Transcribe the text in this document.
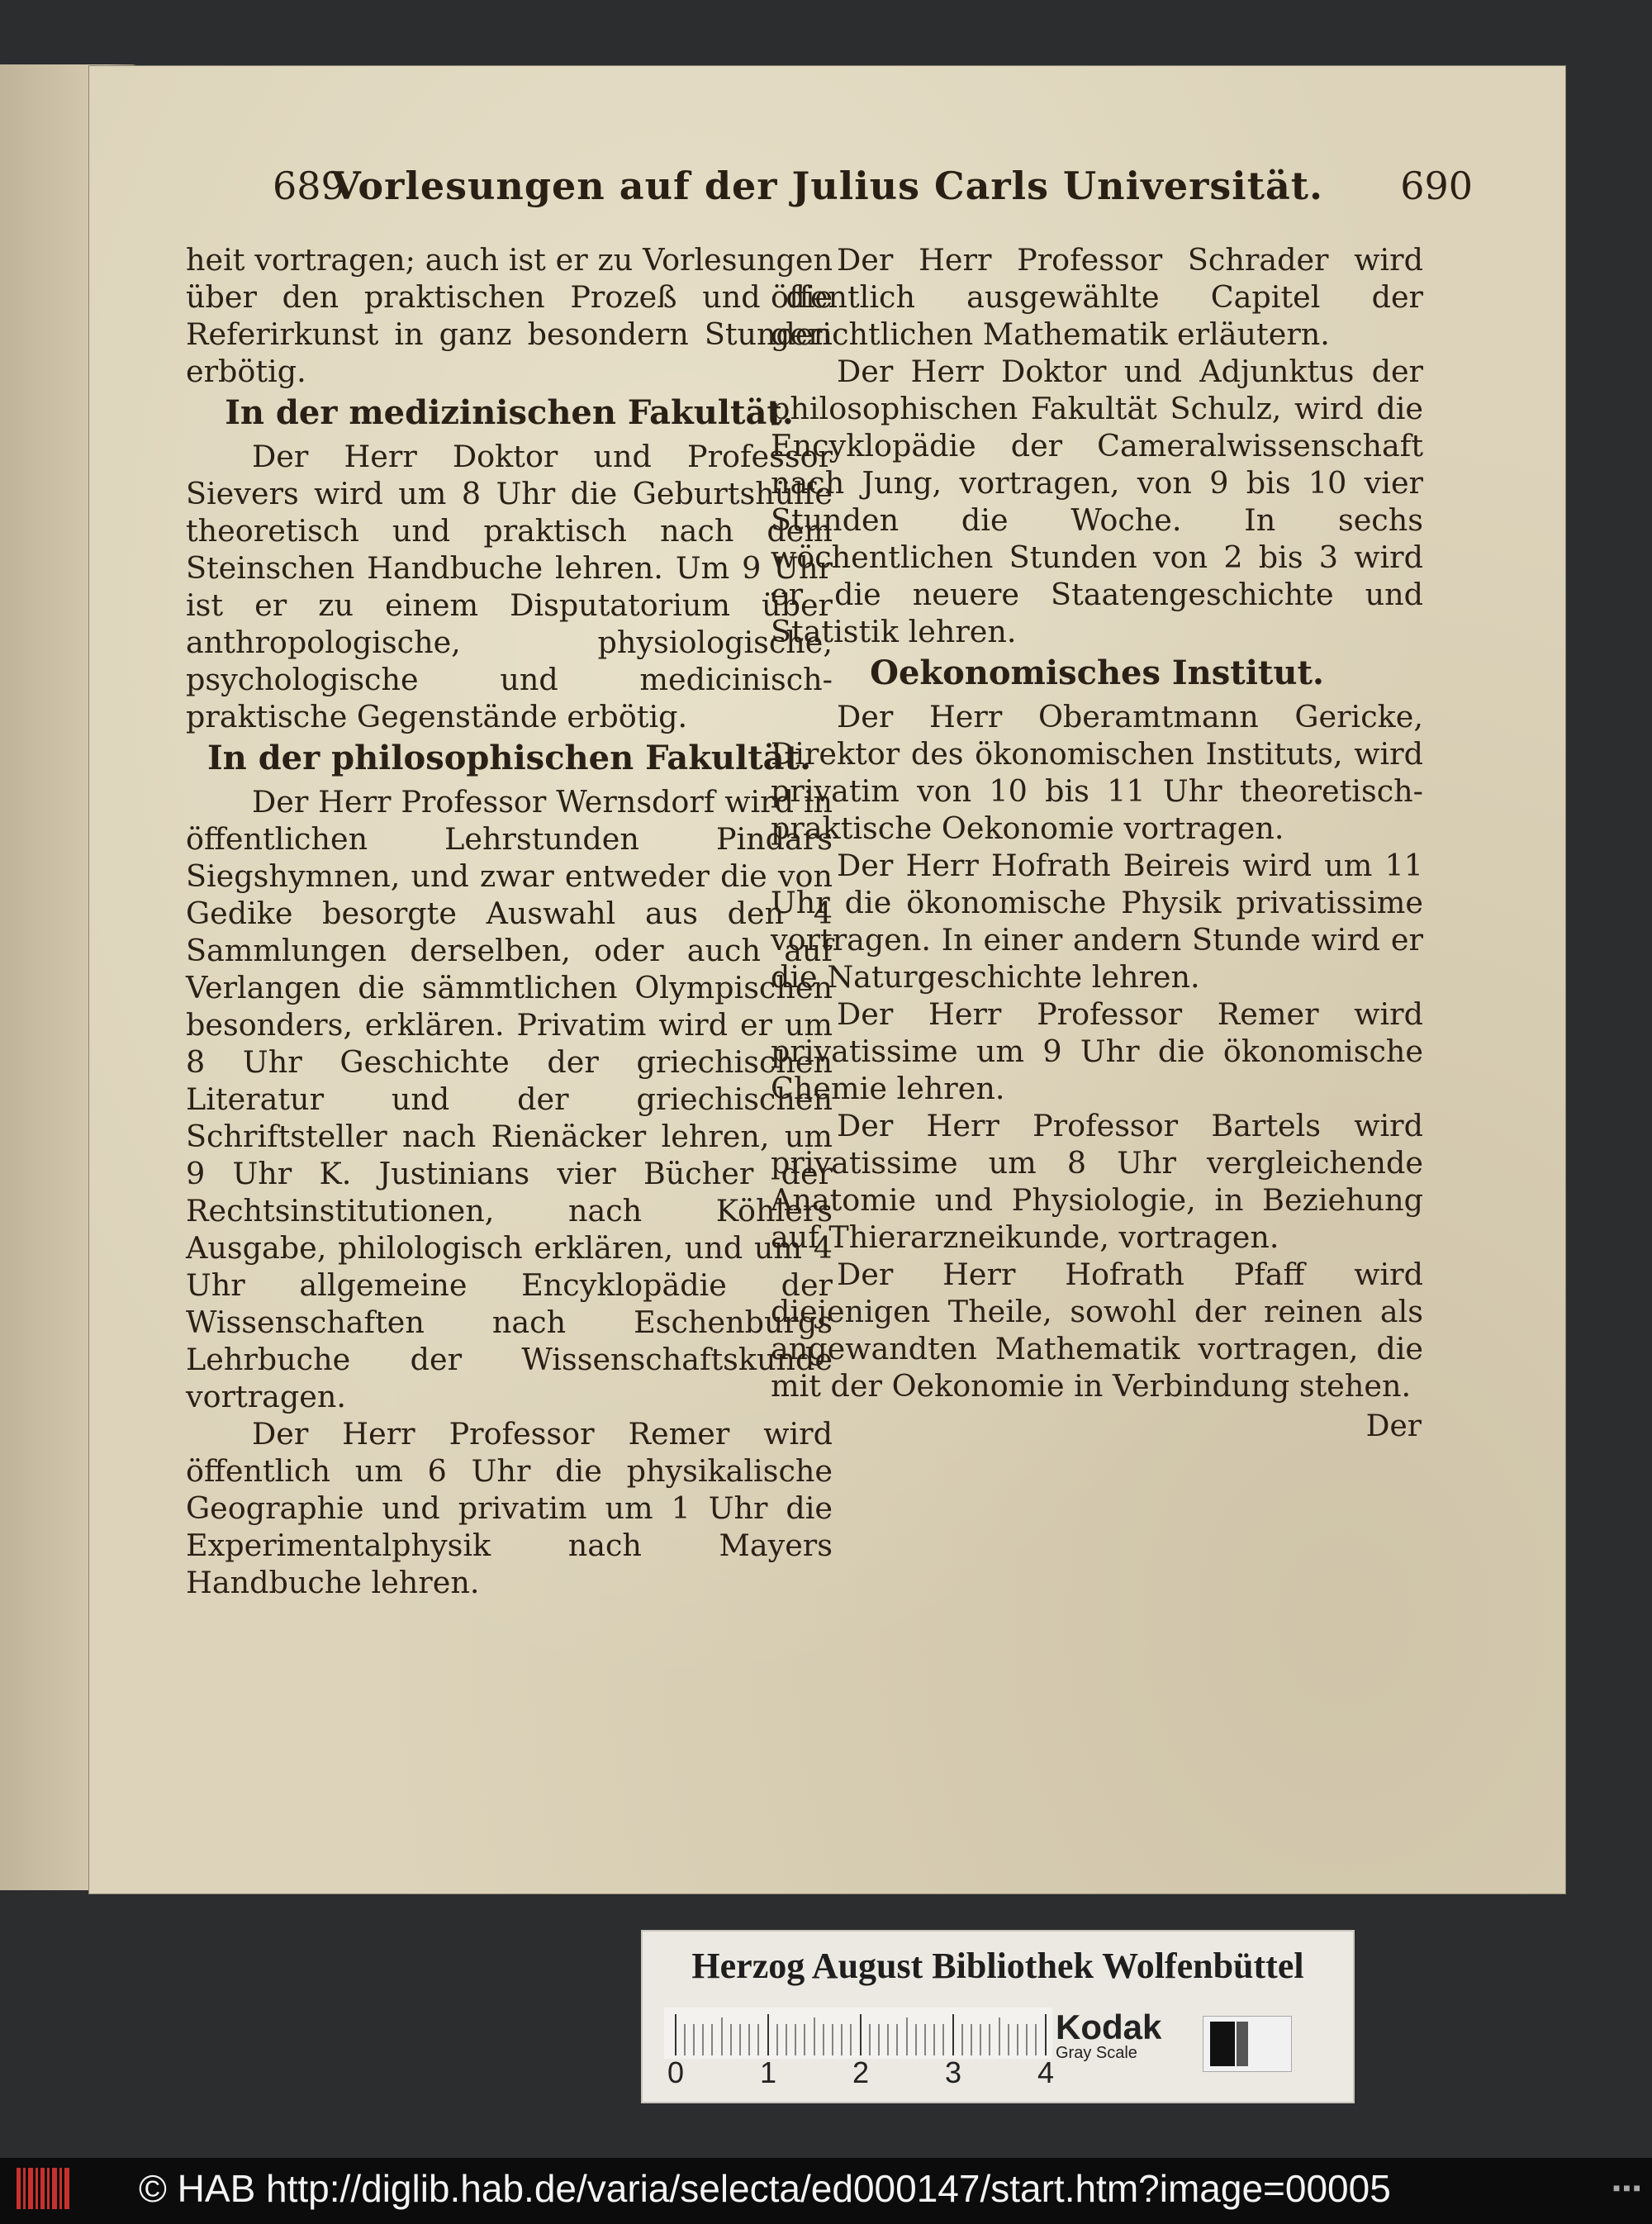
689
Vorlesungen auf der Julius Carls Universität.	690

heit vortragen; auch ist er zu Vorlesungen über den praktischen Prozeß und die Referirkunst in ganz besondern Stunden erbötig.

In der medizinischen Fakultät.

Der Herr Doktor und Professor Sievers wird um 8 Uhr die Geburtshülfe theoretisch und praktisch nach dem Steinschen Handbuche lehren. Um 9 Uhr ist er zu einem Disputatorium über anthropologische, physiologische, psychologische und medicinisch-praktische Gegenstände erbötig.

In der philosophischen Fakultät.

Der Herr Professor Wernsdorf wird in öffentlichen Lehrstunden Pindars Siegshymnen, und zwar entweder die von Gedike besorgte Auswahl aus den 4 Sammlungen derselben, oder auch auf Verlangen die sämmtlichen Olympischen besonders, erklären. Privatim wird er um 8 Uhr Geschichte der griechischen Literatur und der griechischen Schriftsteller nach Rienäcker lehren, um 9 Uhr K. Justinians vier Bücher der Rechtsinstitutionen, nach Köhlers Ausgabe, philologisch erklären, und um 4 Uhr allgemeine Encyklopädie der Wissenschaften nach Eschenburgs Lehrbuche der Wissenschaftskunde vortragen.

Der Herr Professor Remer wird öffentlich um 6 Uhr die physikalische Geographie und privatim um 1 Uhr die Experimentalphysik nach Mayers Handbuche lehren.

Der Herr Professor Schrader wird öffentlich ausgewählte Capitel der gerichtlichen Mathematik erläutern.

Der Herr Doktor und Adjunktus der philosophischen Fakultät Schulz, wird die Encyklopädie der Cameralwissenschaft nach Jung, vortragen, von 9 bis 10 vier Stunden die Woche. In sechs wöchentlichen Stunden von 2 bis 3 wird er die neuere Staatengeschichte und Statistik lehren.

Oekonomisches Institut.

Der Herr Oberamtmann Gericke, Direktor des ökonomischen Instituts, wird privatim von 10 bis 11 Uhr theoretisch-praktische Oekonomie vortragen.

Der Herr Hofrath Beireis wird um 11 Uhr die ökonomische Physik privatissime vortragen. In einer andern Stunde wird er die Naturgeschichte lehren.

Der Herr Professor Remer wird privatissime um 9 Uhr die ökonomische Chemie lehren.

Der Herr Professor Bartels wird privatissime um 8 Uhr vergleichende Anatomie und Physiologie, in Beziehung auf Thierarzneikunde, vortragen.

Der Herr Hofrath Pfaff wird diejenigen Theile, sowohl der reinen als angewandten Mathematik vortragen, die mit der Oekonomie in Verbindung stehen.

Der
Herzog August Bibliothek Wolfenbüttel
0	1	2	3	4
Kodak
Gray Scale
© HAB http://diglib.hab.de/varia/selecta/ed000147/start.htm?image=00005	■ ■ ■
